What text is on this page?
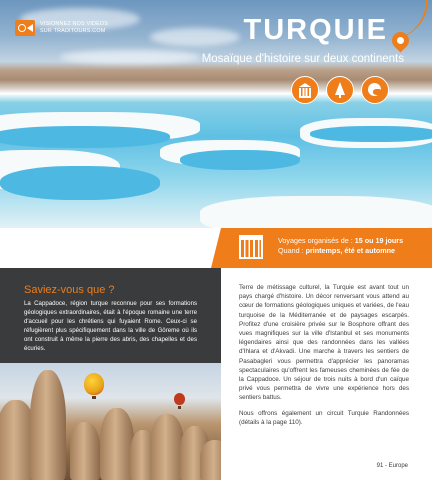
VISIONNEZ NOS VIDÉOS
SUR TRADITOURS.COM	TURQUIE
Mosaïque d'histoire sur deux continents
Voyages organisés de : 15 ou 19 jours
Quand : printemps, été et automne
Saviez-vous que ?
La Cappadoce, région turque reconnue pour ses formations géologiques extraordinaires, était à l'époque romaine une terre d'accueil pour les chrétiens qui fuyaient Rome. Ceux-ci se réfugièrent plus spécifiquement dans la ville de Göreme où ils ont construit à même la pierre des abris, des chapelles et des écuries.

Terre de métissage culturel, la Turquie est avant tout un pays chargé d'histoire. Un décor renversant vous attend au cœur de formations géologiques uniques et variées, de l'eau turquoise de la Méditerranée et de paysages escarpés. Profitez d'une croisière privée sur le Bosphore offrant des vues magnifiques sur la ville d'Istanbul et ses monuments légendaires ainsi que des randonnées dans les vallées d'Ihlara et d'Akvadi. Une marche à travers les sentiers de Pasabagleri vous permettra d'apprécier les panoramas spectaculaires qu'offrent les fameuses cheminées de fée de la Cappadoce. Un séjour de trois nuits à bord d'un caïque privé vous permettra de vivre une expérience hors des sentiers battus.

Nous offrons également un circuit Turquie Randonnées (détails à la page 110).

91 - Europe
